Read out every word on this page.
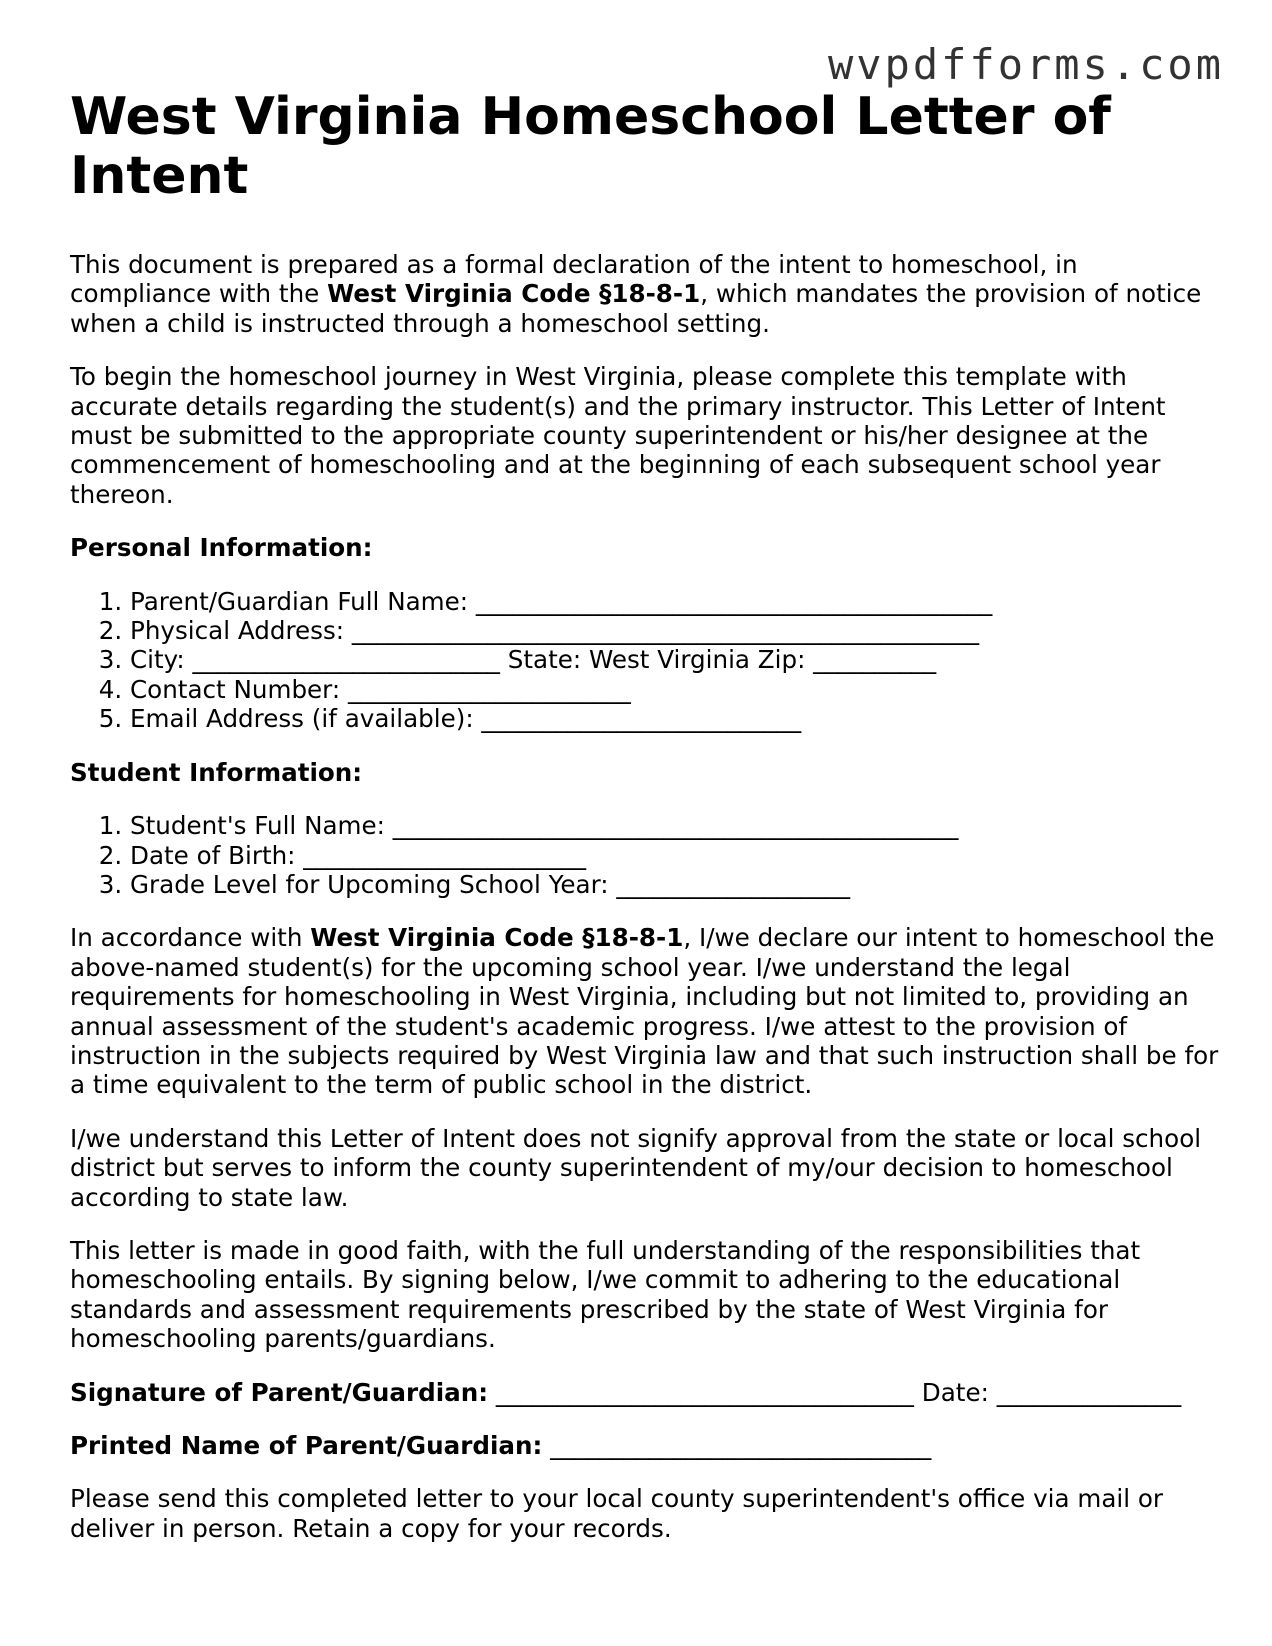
wvpdfforms.com
West Virginia Homeschool Letter of Intent

This document is prepared as a formal declaration of the intent to homeschool, in compliance with the West Virginia Code §18-8-1, which mandates the provision of notice when a child is instructed through a homeschool setting.

To begin the homeschool journey in West Virginia, please complete this template with accurate details regarding the student(s) and the primary instructor. This Letter of Intent must be submitted to the appropriate county superintendent or his/her designee at the commencement of homeschooling and at the beginning of each subsequent school year thereon.

Personal Information:

1. Parent/Guardian Full Name: __________________________________________
2. Physical Address: ___________________________________________________
3. City: _________________________ State: West Virginia Zip: __________
4. Contact Number: _______________________
5. Email Address (if available): __________________________

Student Information:

1. Student's Full Name: ______________________________________________
2. Date of Birth: _______________________
3. Grade Level for Upcoming School Year: ___________________

In accordance with West Virginia Code §18-8-1, I/we declare our intent to homeschool the above-named student(s) for the upcoming school year. I/we understand the legal requirements for homeschooling in West Virginia, including but not limited to, providing an annual assessment of the student's academic progress. I/we attest to the provision of instruction in the subjects required by West Virginia law and that such instruction shall be for a time equivalent to the term of public school in the district.

I/we understand this Letter of Intent does not signify approval from the state or local school district but serves to inform the county superintendent of my/our decision to homeschool according to state law.

This letter is made in good faith, with the full understanding of the responsibilities that homeschooling entails. By signing below, I/we commit to adhering to the educational standards and assessment requirements prescribed by the state of West Virginia for homeschooling parents/guardians.

Signature of Parent/Guardian: __________________________________ Date: _______________

Printed Name of Parent/Guardian: _______________________________

Please send this completed letter to your local county superintendent's office via mail or deliver in person. Retain a copy for your records.
